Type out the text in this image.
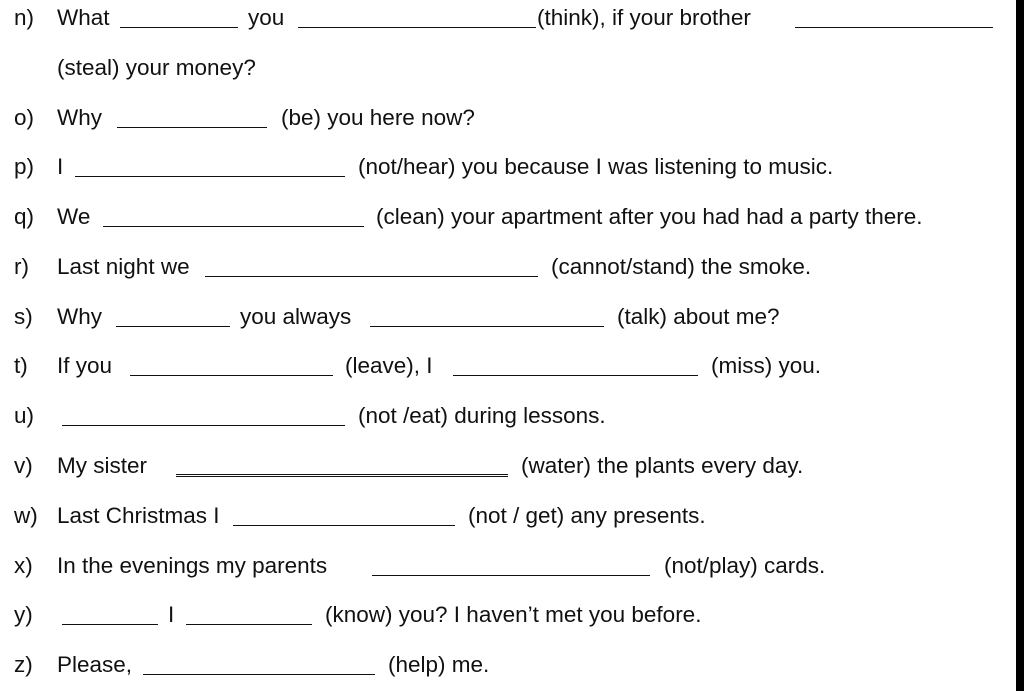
n) What	you	(think), if your brother
(steal) your money?
o) Why	(be) you here now?
p) I	(not/hear) you because I was listening to music.
q) We	(clean) your apartment after you had had a party there.
r) Last night we	(cannot/stand) the smoke.
s) Why	you always	(talk) about me?
t) If you	(leave), I	(miss) you.
u)	(not /eat) during lessons.
v) My sister	(water) the plants every day.
w) Last Christmas I	(not / get) any presents.
x) In the evenings my parents	(not/play) cards.
y)	I	(know) you? I haven’t met you before.
z) Please,	(help) me.
